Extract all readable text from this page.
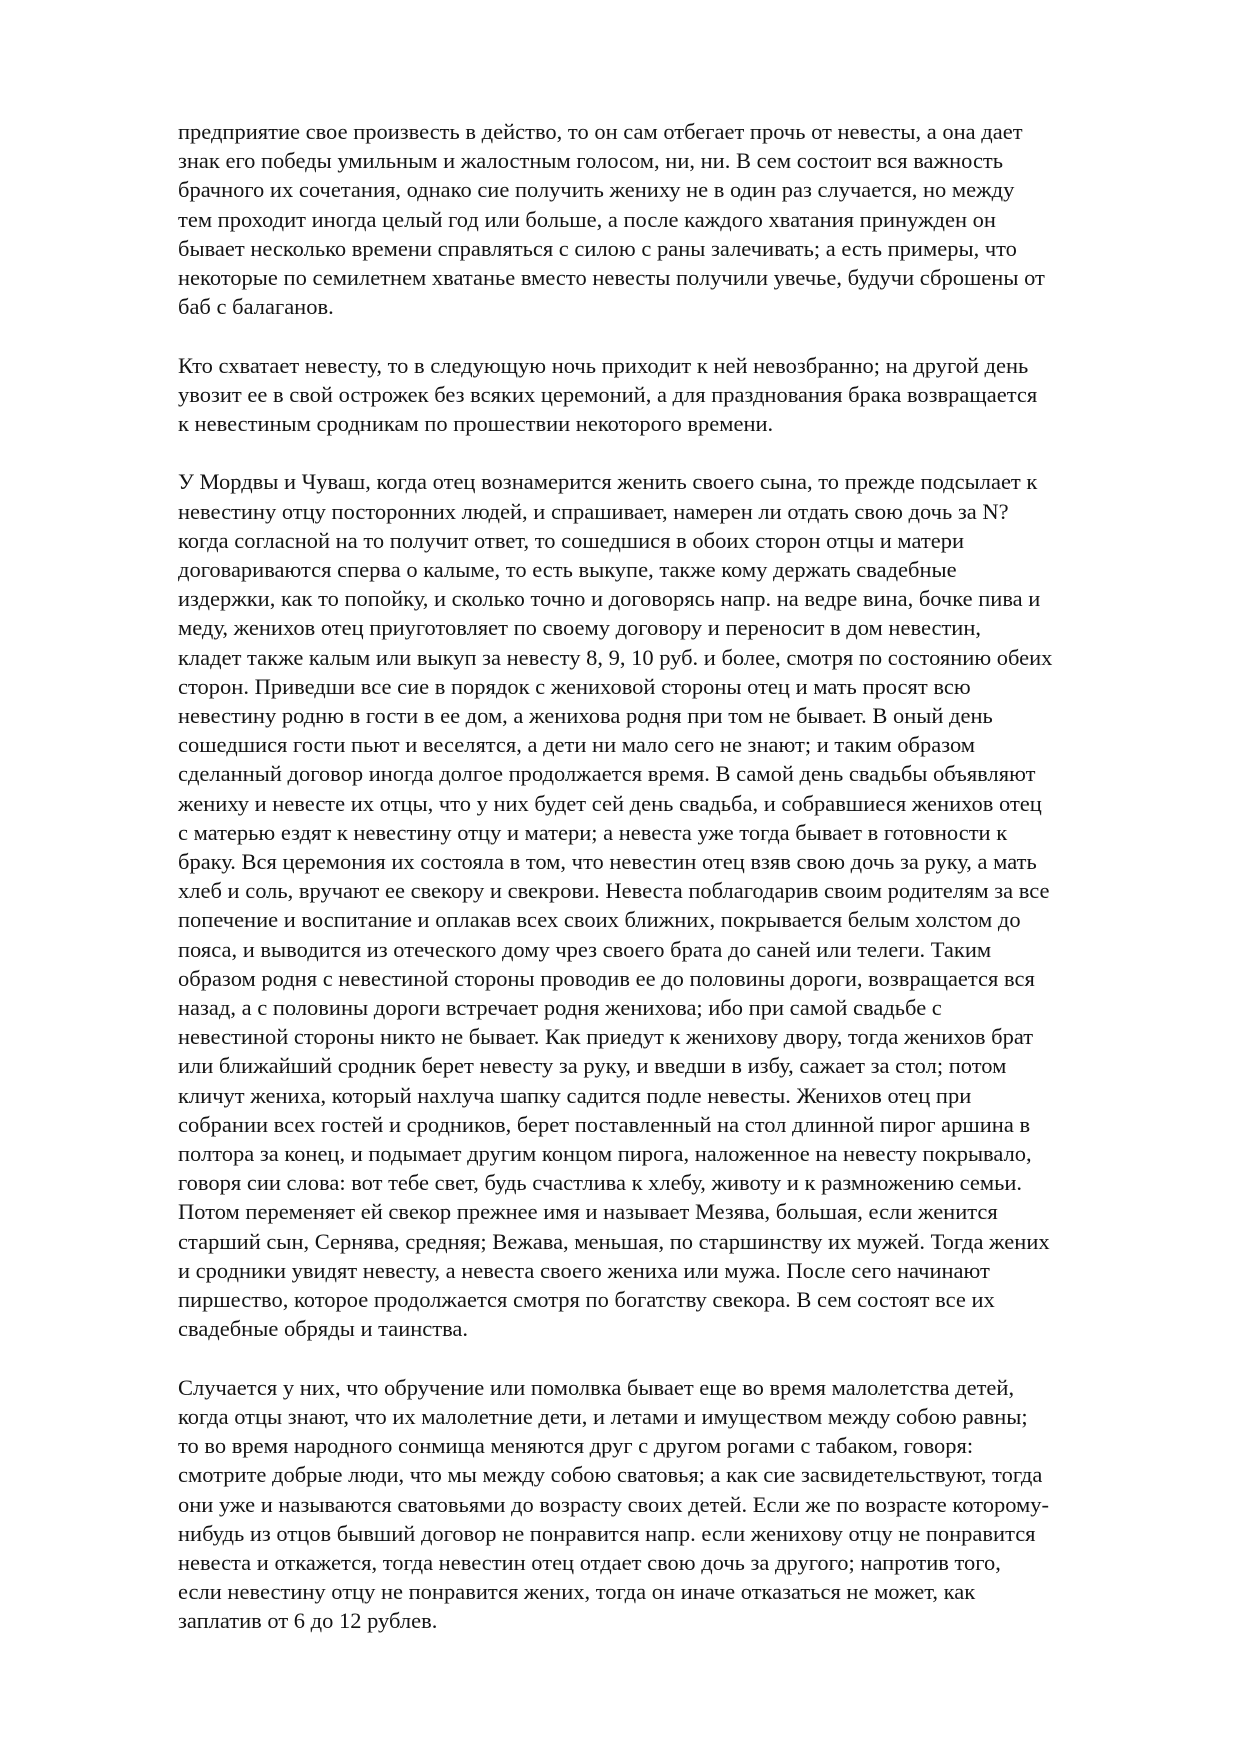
предприятие свое произвесть в действо, то он сам отбегает прочь от невесты, а она дает
знак его победы умильным и жалостным голосом, ни, ни. В сем состоит вся важность
брачного их сочетания, однако сие получить жениху не в один раз случается, но между
тем проходит иногда целый год или больше, а после каждого хватания принужден он
бывает несколько времени справляться с силою с раны залечивать; а есть примеры, что
некоторые по семилетнем хватанье вместо невесты получили увечье, будучи сброшены от
баб с балаганов.

Кто схватает невесту, то в следующую ночь приходит к ней невозбранно; на другой день
увозит ее в свой острожек без всяких церемоний, а для празднования брака возвращается
к невестиным сродникам по прошествии некоторого времени.

У Мордвы и Чуваш, когда отец вознамерится женить своего сына, то прежде подсылает к
невестину отцу посторонних людей, и спрашивает, намерен ли отдать свою дочь за N?
когда согласной на то получит ответ, то сошедшися в обоих сторон отцы и матери
договариваются сперва о калыме, то есть выкупе, также кому держать свадебные
издержки, как то попойку, и сколько точно и договорясь напр. на ведре вина, бочке пива и
меду, женихов отец приуготовляет по своему договору и переносит в дом невестин,
кладет также калым или выкуп за невесту 8, 9, 10 руб. и более, смотря по состоянию обеих
сторон. Приведши все сие в порядок с жениховой стороны отец и мать просят всю
невестину родню в гости в ее дом, а женихова родня при том не бывает. В оный день
сошедшися гости пьют и веселятся, а дети ни мало сего не знают; и таким образом
сделанный договор иногда долгое продолжается время. В самой день свадьбы объявляют
жениху и невесте их отцы, что у них будет сей день свадьба, и собравшиеся женихов отец
с матерью ездят к невестину отцу и матери; а невеста уже тогда бывает в готовности к
браку. Вся церемония их состояла в том, что невестин отец взяв свою дочь за руку, а мать
хлеб и соль, вручают ее свекору и свекрови. Невеста поблагодарив своим родителям за все
попечение и воспитание и оплакав всех своих ближних, покрывается белым холстом до
пояса, и выводится из отеческого дому чрез своего брата до саней или телеги. Таким
образом родня с невестиной стороны проводив ее до половины дороги, возвращается вся
назад, а с половины дороги встречает родня женихова; ибо при самой свадьбе с
невестиной стороны никто не бывает. Как приедут к женихову двору, тогда женихов брат
или ближайший сродник берет невесту за руку, и введши в избу, сажает за стол; потом
кличут жениха, который нахлуча шапку садится подле невесты. Женихов отец при
собрании всех гостей и сродников, берет поставленный на стол длинной пирог аршина в
полтора за конец, и подымает другим концом пирога, наложенное на невесту покрывало,
говоря сии слова: вот тебе свет, будь счастлива к хлебу, животу и к размножению семьи.
Потом переменяет ей свекор прежнее имя и называет Мезява, большая, если женится
старший сын, Сернява, средняя; Вежава, меньшая, по старшинству их мужей. Тогда жених
и сродники увидят невесту, а невеста своего жениха или мужа. После сего начинают
пиршество, которое продолжается смотря по богатству свекора. В сем состоят все их
свадебные обряды и таинства.

Случается у них, что обручение или помолвка бывает еще во время малолетства детей,
когда отцы знают, что их малолетние дети, и летами и имуществом между собою равны;
то во время народного сонмища меняются друг с другом рогами с табаком, говоря:
смотрите добрые люди, что мы между собою сватовья; а как сие засвидетельствуют, тогда
они уже и называются сватовьями до возрасту своих детей. Если же по возрасте которому-
нибудь из отцов бывший договор не понравится напр. если женихову отцу не понравится
невеста и откажется, тогда невестин отец отдает свою дочь за другого; напротив того,
если невестину отцу не понравится жених, тогда он иначе отказаться не может, как
заплатив от 6 до 12 рублев.
